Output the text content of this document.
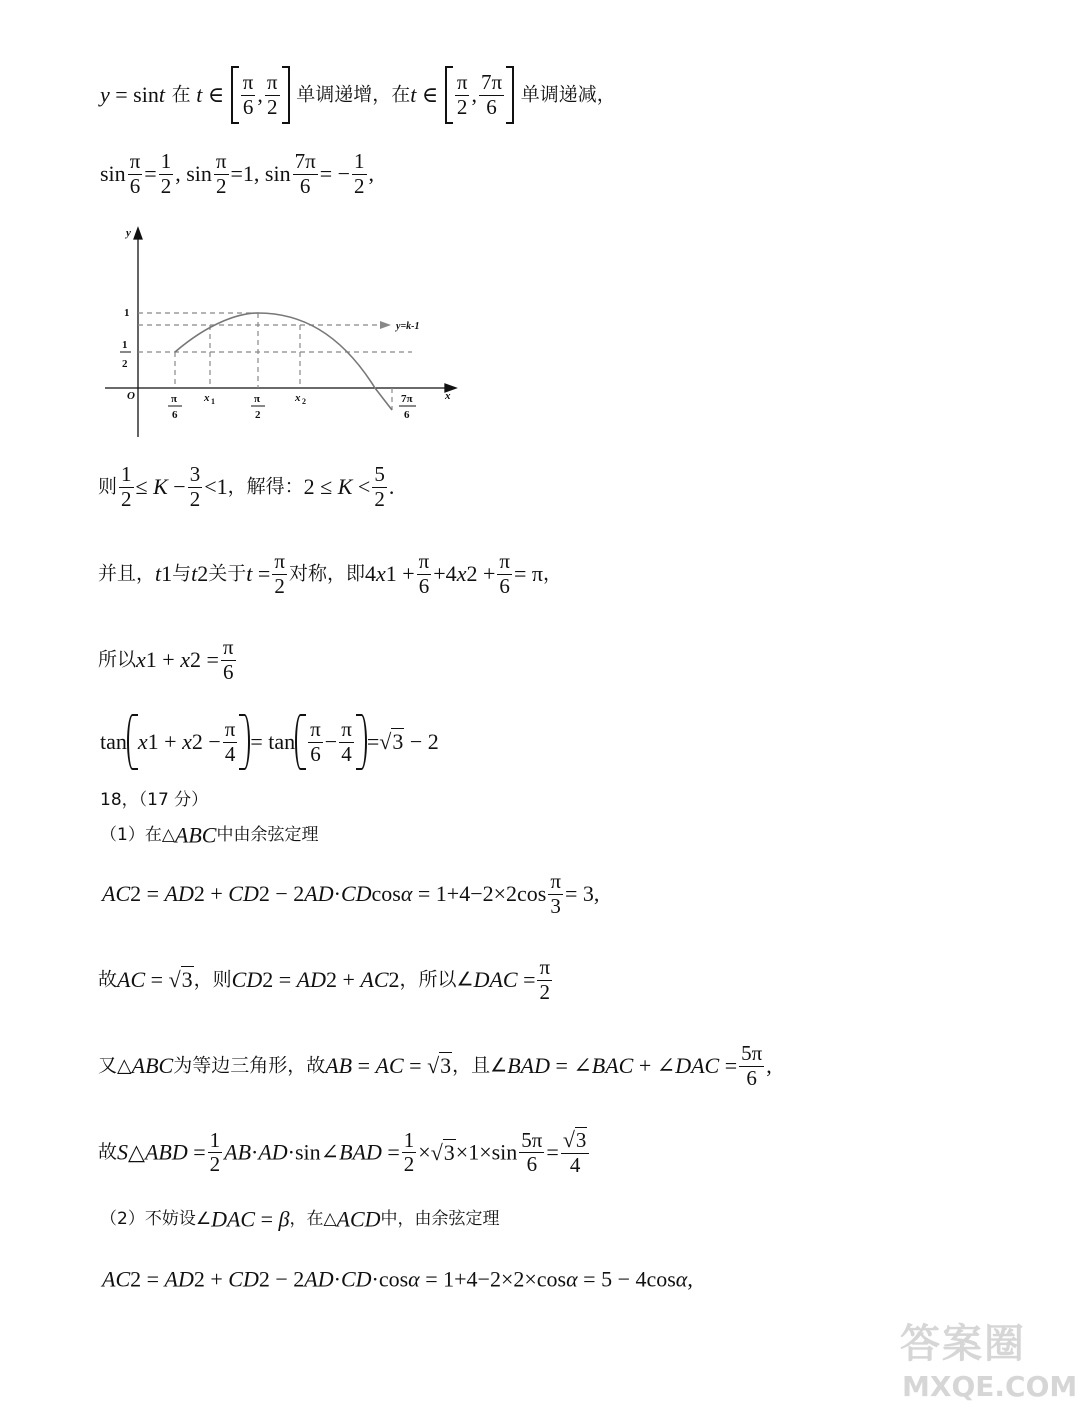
y = sint 在 t ∈ $\frac{\pi}{6}$ , $\frac{\pi}{2}$ 单调递增，在t ∈ $\frac{\pi}{2}$ , $\frac{7\pi}{6}$ 单调递减，
$\sin \frac{\pi}{6} = \frac{1}{2}$ , $\sin \frac{\pi}{2} =1$, $\sin \frac{7\pi}{6}$ = − $\frac{1}{2}$ ,
y
x
O
1
1
2
π
6
x 1	π
2
x 2	7π
6
y=k-1
则 $\frac{1}{2} \le K - \frac{3}{2} <1$，解得：$2 \le K < \frac{5}{2}$ .
并且，t1与t2关于$t = \frac{\pi}{2}$ 对称，即$4x1 + \frac{\pi}{6} +4x2 + \frac{\pi}{6} = \pi$，
所以$x1 + x2 = \frac{\pi}{6}$
$\tan x1 + x2 - \frac{\pi}{4} = \tan \frac{\pi}{6} - \frac{\pi}{4} =√3 - 2$
18，（17 分）
（1）在△ABC中由余弦定理
$AC2 = AD2 + CD2 - 2AD\cdot CDcos\alpha = 1+4-2\times 2\cos \frac{\pi}{3} = 3$,
故AC = √3，则CD2 = AD2 + AC2，所以∠DAC = $\frac{\pi}{2}$
又△ABC为等边三角形，故AB = AC = √3，且∠BAD = ∠BAC + ∠DAC = $\frac{5\pi}{6}$ ,
故S△ABD = $\frac{1}{2}$ AB·AD·sin∠BAD = $\frac{1}{2} \times√3\times 1\times\sin \frac{5\pi}{6} = \frac{√3}{4}$
（2）不妨设∠DAC = β，在△ACD中，由余弦定理
AC2 = AD2 + CD2 − 2AD·CD·cosα = 1+4−2×2×cosα = 5 − 4cosα,
答案圈
MXQE.COM
